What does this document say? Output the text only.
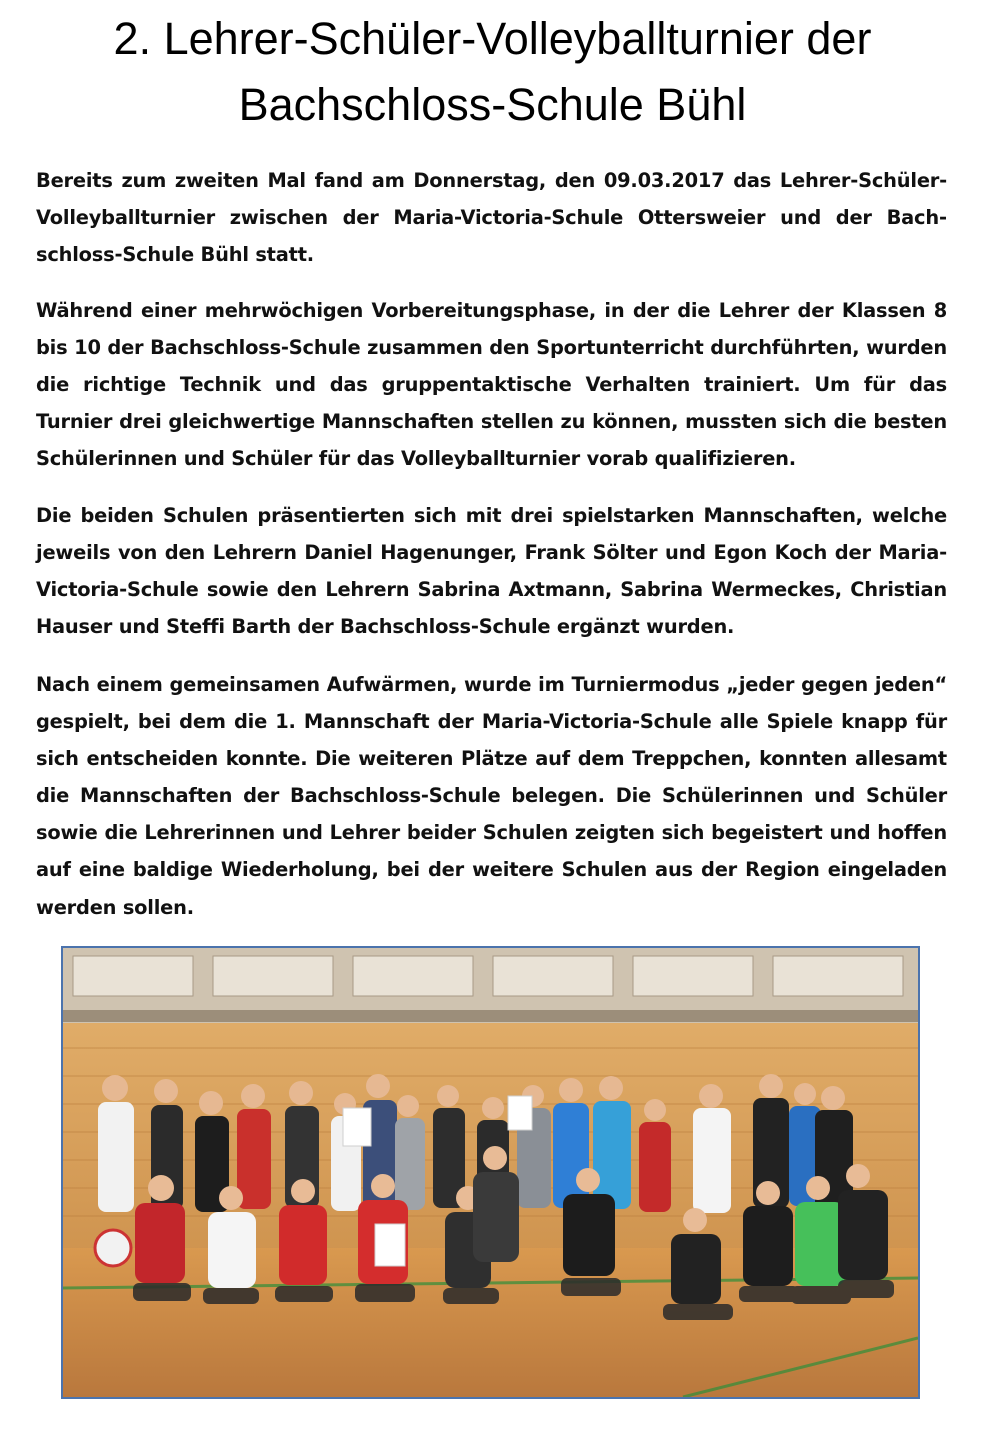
2. Lehrer-Schüler-Volleyballturnier der
Bachschloss-Schule Bühl

Bereits zum zweiten Mal fand am Donnerstag, den 09.03.2017 das Lehrer-Schüler-Volleyballturnier zwischen der Maria-Victoria-Schule Ottersweier und der Bachschloss-Schule Bühl statt.

Während einer mehrwöchigen Vorbereitungsphase, in der die Lehrer der Klassen 8 bis 10 der Bachschloss-Schule zusammen den Sportunterricht durchführten, wurden die richtige Technik und das gruppentaktische Verhalten trainiert. Um für das Turnier drei gleichwertige Mannschaften stellen zu können, mussten sich die besten Schülerinnen und Schüler für das Volleyballturnier vorab qualifizieren.

Die beiden Schulen präsentierten sich mit drei spielstarken Mannschaften, welche jeweils von den Lehrern Daniel Hagenunger, Frank Sölter und Egon Koch der Maria-Victoria-Schule sowie den Lehrern Sabrina Axtmann, Sabrina Wermeckes, Christian Hauser und Steffi Barth der Bachschloss-Schule ergänzt wurden.

Nach einem gemeinsamen Aufwärmen, wurde im Turniermodus „jeder gegen jeden“ gespielt, bei dem die 1. Mannschaft der Maria-Victoria-Schule alle Spiele knapp für sich entscheiden konnte. Die weiteren Plätze auf dem Treppchen, konnten allesamt die Mannschaften der Bachschloss-Schule belegen. Die Schülerinnen und Schüler sowie die Lehrerinnen und Lehrer beider Schulen zeigten sich begeistert und hoffen auf eine baldige Wiederholung, bei der weitere Schulen aus der Region eingeladen werden sollen.
